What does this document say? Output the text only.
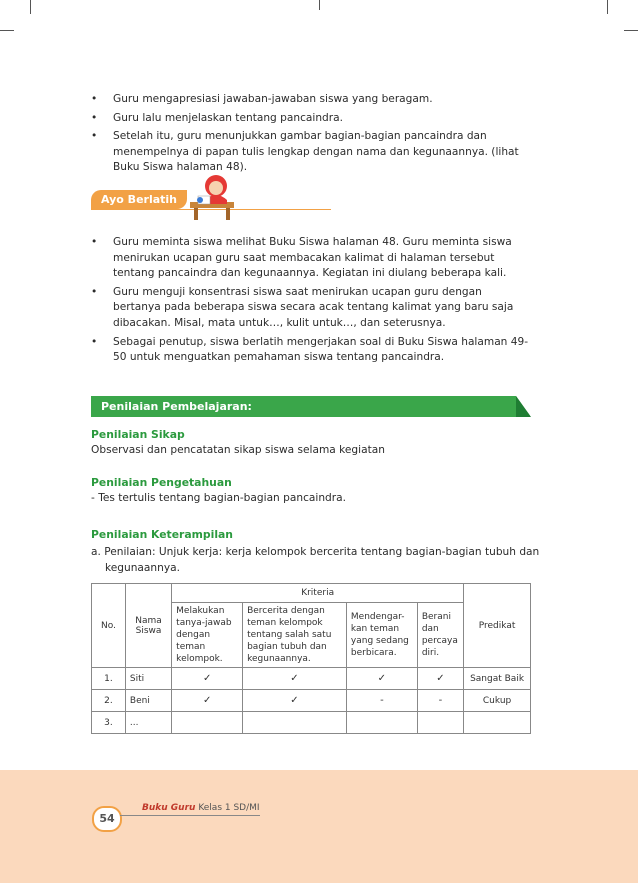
• Guru mengapresiasi jawaban-jawaban siswa yang beragam.
• Guru lalu menjelaskan tentang pancaindra.
• Setelah itu, guru menunjukkan gambar bagian-bagian pancaindra dan menempelnya di papan tulis lengkap dengan nama dan kegunaannya. (lihat Buku Siswa halaman 48).
Ayo Berlatih
• Guru meminta siswa melihat Buku Siswa halaman 48. Guru meminta siswa menirukan ucapan guru saat membacakan kalimat di halaman tersebut tentang pancaindra dan kegunaannya. Kegiatan ini diulang beberapa kali.
• Guru menguji konsentrasi siswa saat menirukan ucapan guru dengan bertanya pada beberapa siswa secara acak tentang kalimat yang baru saja dibacakan. Misal, mata untuk…, kulit untuk…, dan seterusnya.
• Sebagai penutup, siswa berlatih mengerjakan soal di Buku Siswa halaman 49-50 untuk menguatkan pemahaman siswa tentang pancaindra.
Penilaian Pembelajaran:
Penilaian Sikap
Observasi dan pencatatan sikap siswa selama kegiatan
Penilaian Pengetahuan
- Tes tertulis tentang bagian-bagian pancaindra.
Penilaian Keterampilan
a. Penilaian: Unjuk kerja: kerja kelompok bercerita tentang bagian-bagian tubuh dan kegunaannya.
No.	Nama Siswa	Kriteria				Predikat
		Melakukan tanya-jawab dengan teman kelompok.	Bercerita dengan teman kelompok tentang salah satu bagian tubuh dan kegunaannya.	Mendengar-kan teman yang sedang berbicara.	Berani dan percaya diri.	
1.	Siti	✓	✓	✓	✓	Sangat Baik
2.	Beni	✓	✓	-	-	Cukup
3.	...					
54
Buku Guru Kelas 1 SD/MI
